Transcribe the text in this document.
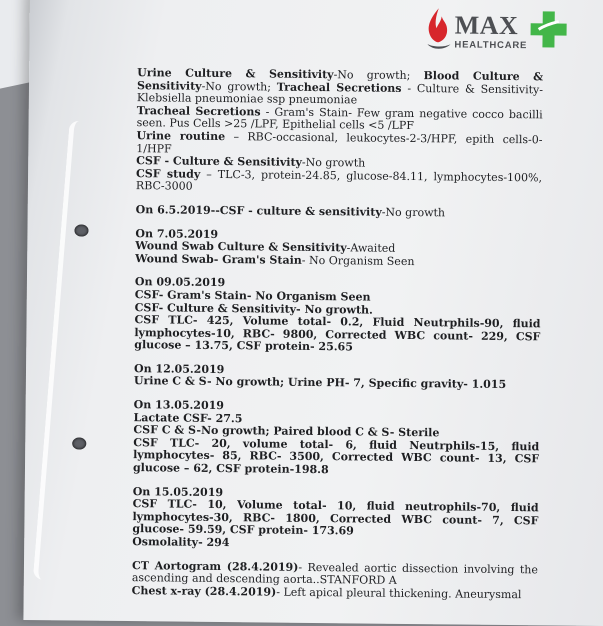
MAX
HEALTHCARE

Urine Culture & Sensitivity-No growth; Blood Culture & Sensitivity-No growth; Tracheal Secretions - Culture & Sensitivity- Klebsiella pneumoniae ssp pneumoniae

Tracheal Secretions - Gram's Stain- Few gram negative cocco bacilli seen. Pus Cells >25 /LPF, Epithelial cells <5 /LPF

Urine routine – RBC-occasional, leukocytes-2-3/HPF, epith cells-0-1/HPF

CSF - Culture & Sensitivity-No growth

CSF study – TLC-3, protein-24.85, glucose-84.11, lymphocytes-100%, RBC-3000

On 6.5.2019--CSF - culture & sensitivity-No growth

On 7.05.2019

Wound Swab Culture & Sensitivity-Awaited

Wound Swab- Gram's Stain- No Organism Seen

On 09.05.2019

CSF- Gram's Stain- No Organism Seen

CSF- Culture & Sensitivity- No growth.

CSF TLC- 425, Volume total- 0.2, Fluid Neutrphils-90, fluid lymphocytes-10, RBC- 9800, Corrected WBC count- 229, CSF glucose – 13.75, CSF protein- 25.65

On 12.05.2019

Urine C & S- No growth; Urine PH- 7, Specific gravity- 1.015

On 13.05.2019

Lactate CSF- 27.5

CSF C & S-No growth; Paired blood C & S- Sterile

CSF TLC- 20, volume total- 6, fluid Neutrphils-15, fluid lymphocytes- 85, RBC- 3500, Corrected WBC count- 13, CSF glucose – 62, CSF protein-198.8

On 15.05.2019

CSF TLC- 10, Volume total- 10, fluid neutrophils-70, fluid lymphocytes-30, RBC- 1800, Corrected WBC count- 7, CSF glucose- 59.59, CSF protein- 173.69

Osmolality- 294

CT Aortogram (28.4.2019)- Revealed aortic dissection involving the ascending and descending aorta..STANFORD A

Chest x-ray (28.4.2019)- Left apical pleural thickening. Aneurysmal
